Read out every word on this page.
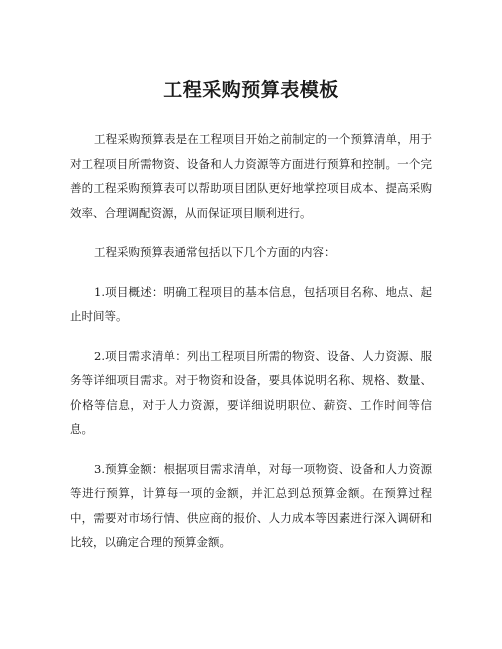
工程采购预算表模板

工程采购预算表是在工程项目开始之前制定的一个预算清单，用于对工程项目所需物资、设备和人力资源等方面进行预算和控制。一个完善的工程采购预算表可以帮助项目团队更好地掌控项目成本、提高采购效率、合理调配资源，从而保证项目顺利进行。

工程采购预算表通常包括以下几个方面的内容：

1.项目概述：明确工程项目的基本信息，包括项目名称、地点、起止时间等。

2.项目需求清单：列出工程项目所需的物资、设备、人力资源、服务等详细项目需求。对于物资和设备，要具体说明名称、规格、数量、价格等信息，对于人力资源，要详细说明职位、薪资、工作时间等信息。

3.预算金额：根据项目需求清单，对每一项物资、设备和人力资源等进行预算，计算每一项的金额，并汇总到总预算金额。在预算过程中，需要对市场行情、供应商的报价、人力成本等因素进行深入调研和比较，以确定合理的预算金额。
